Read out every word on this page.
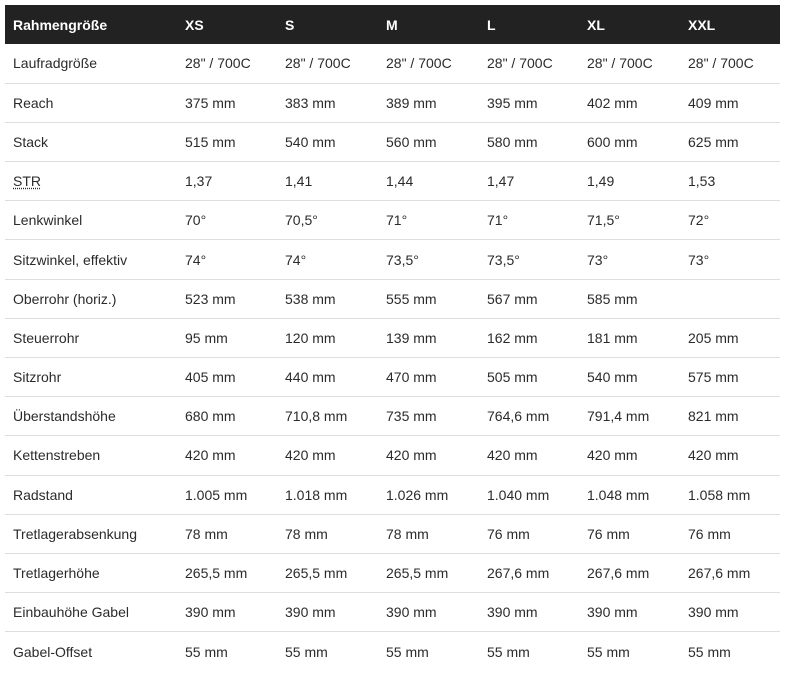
Rahmengröße	XS	S	M	L	XL	XXL
Laufradgröße	28" / 700C	28" / 700C	28" / 700C	28" / 700C	28" / 700C	28" / 700C
Reach	375 mm	383 mm	389 mm	395 mm	402 mm	409 mm
Stack	515 mm	540 mm	560 mm	580 mm	600 mm	625 mm
STR	1,37	1,41	1,44	1,47	1,49	1,53
Lenkwinkel	70°	70,5°	71°	71°	71,5°	72°
Sitzwinkel, effektiv	74°	74°	73,5°	73,5°	73°	73°
Oberrohr (horiz.)	523 mm	538 mm	555 mm	567 mm	585 mm	
Steuerrohr	95 mm	120 mm	139 mm	162 mm	181 mm	205 mm
Sitzrohr	405 mm	440 mm	470 mm	505 mm	540 mm	575 mm
Überstandshöhe	680 mm	710,8 mm	735 mm	764,6 mm	791,4 mm	821 mm
Kettenstreben	420 mm	420 mm	420 mm	420 mm	420 mm	420 mm
Radstand	1.005 mm	1.018 mm	1.026 mm	1.040 mm	1.048 mm	1.058 mm
Tretlagerabsenkung	78 mm	78 mm	78 mm	76 mm	76 mm	76 mm
Tretlagerhöhe	265,5 mm	265,5 mm	265,5 mm	267,6 mm	267,6 mm	267,6 mm
Einbauhöhe Gabel	390 mm	390 mm	390 mm	390 mm	390 mm	390 mm
Gabel-Offset	55 mm	55 mm	55 mm	55 mm	55 mm	55 mm
